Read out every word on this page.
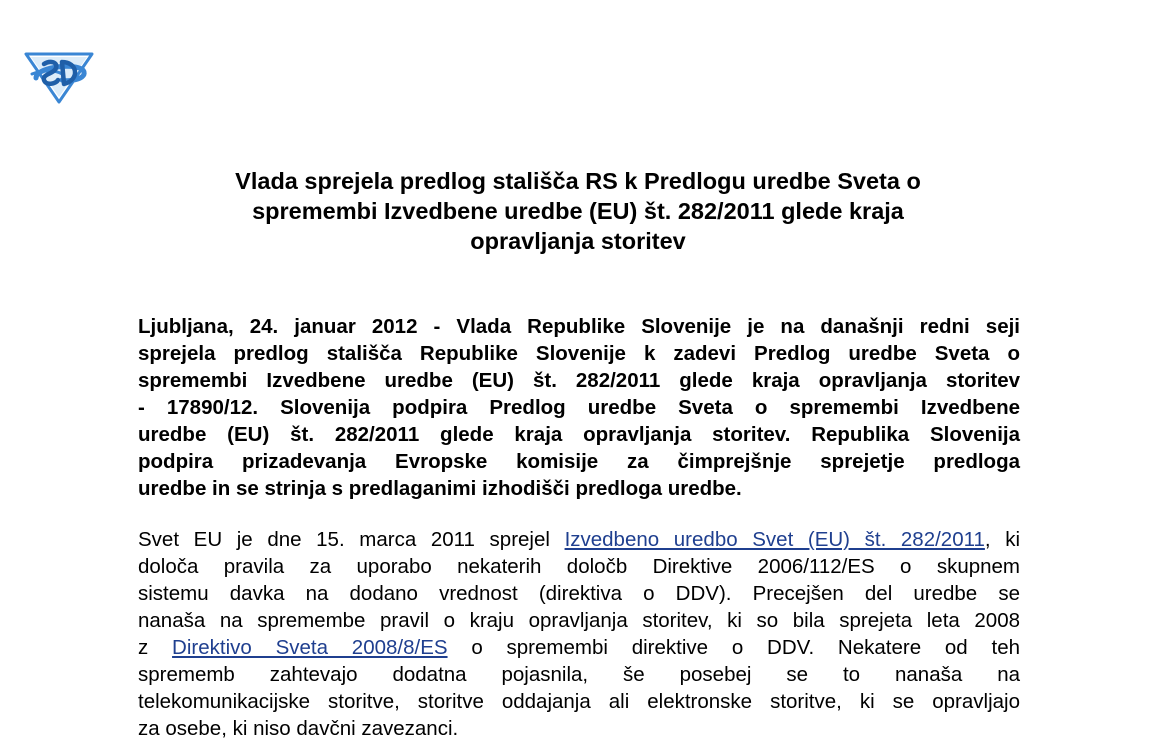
Vlada sprejela predlog stališča RS k Predlogu uredbe Sveta o
spremembi Izvedbene uredbe (EU) št. 282/2011 glede kraja
opravljanja storitev

Ljubljana, 24. januar 2012 - Vlada Republike Slovenije je na današnji redni seji
sprejela predlog stališča Republike Slovenije k zadevi Predlog uredbe Sveta o
spremembi Izvedbene uredbe (EU) št. 282/2011 glede kraja opravljanja storitev
- 17890/12. Slovenija podpira Predlog uredbe Sveta o spremembi Izvedbene
uredbe (EU) št. 282/2011 glede kraja opravljanja storitev. Republika Slovenija
podpira prizadevanja Evropske komisije za čimprejšnje sprejetje predloga
uredbe in se strinja s predlaganimi izhodišči predloga uredbe.

Svet EU je dne 15. marca 2011 sprejel Izvedbeno uredbo Svet (EU) št. 282/2011, ki
določa pravila za uporabo nekaterih določb Direktive 2006/112/ES o skupnem
sistemu davka na dodano vrednost (direktiva o DDV). Precejšen del uredbe se
nanaša na spremembe pravil o kraju opravljanja storitev, ki so bila sprejeta leta 2008
z Direktivo Sveta 2008/8/ES o spremembi direktive o DDV. Nekatere od teh
sprememb zahtevajo dodatna pojasnila, še posebej se to nanaša na
telekomunikacijske storitve, storitve oddajanja ali elektronske storitve, ki se opravljajo
za osebe, ki niso davčni zavezanci.
